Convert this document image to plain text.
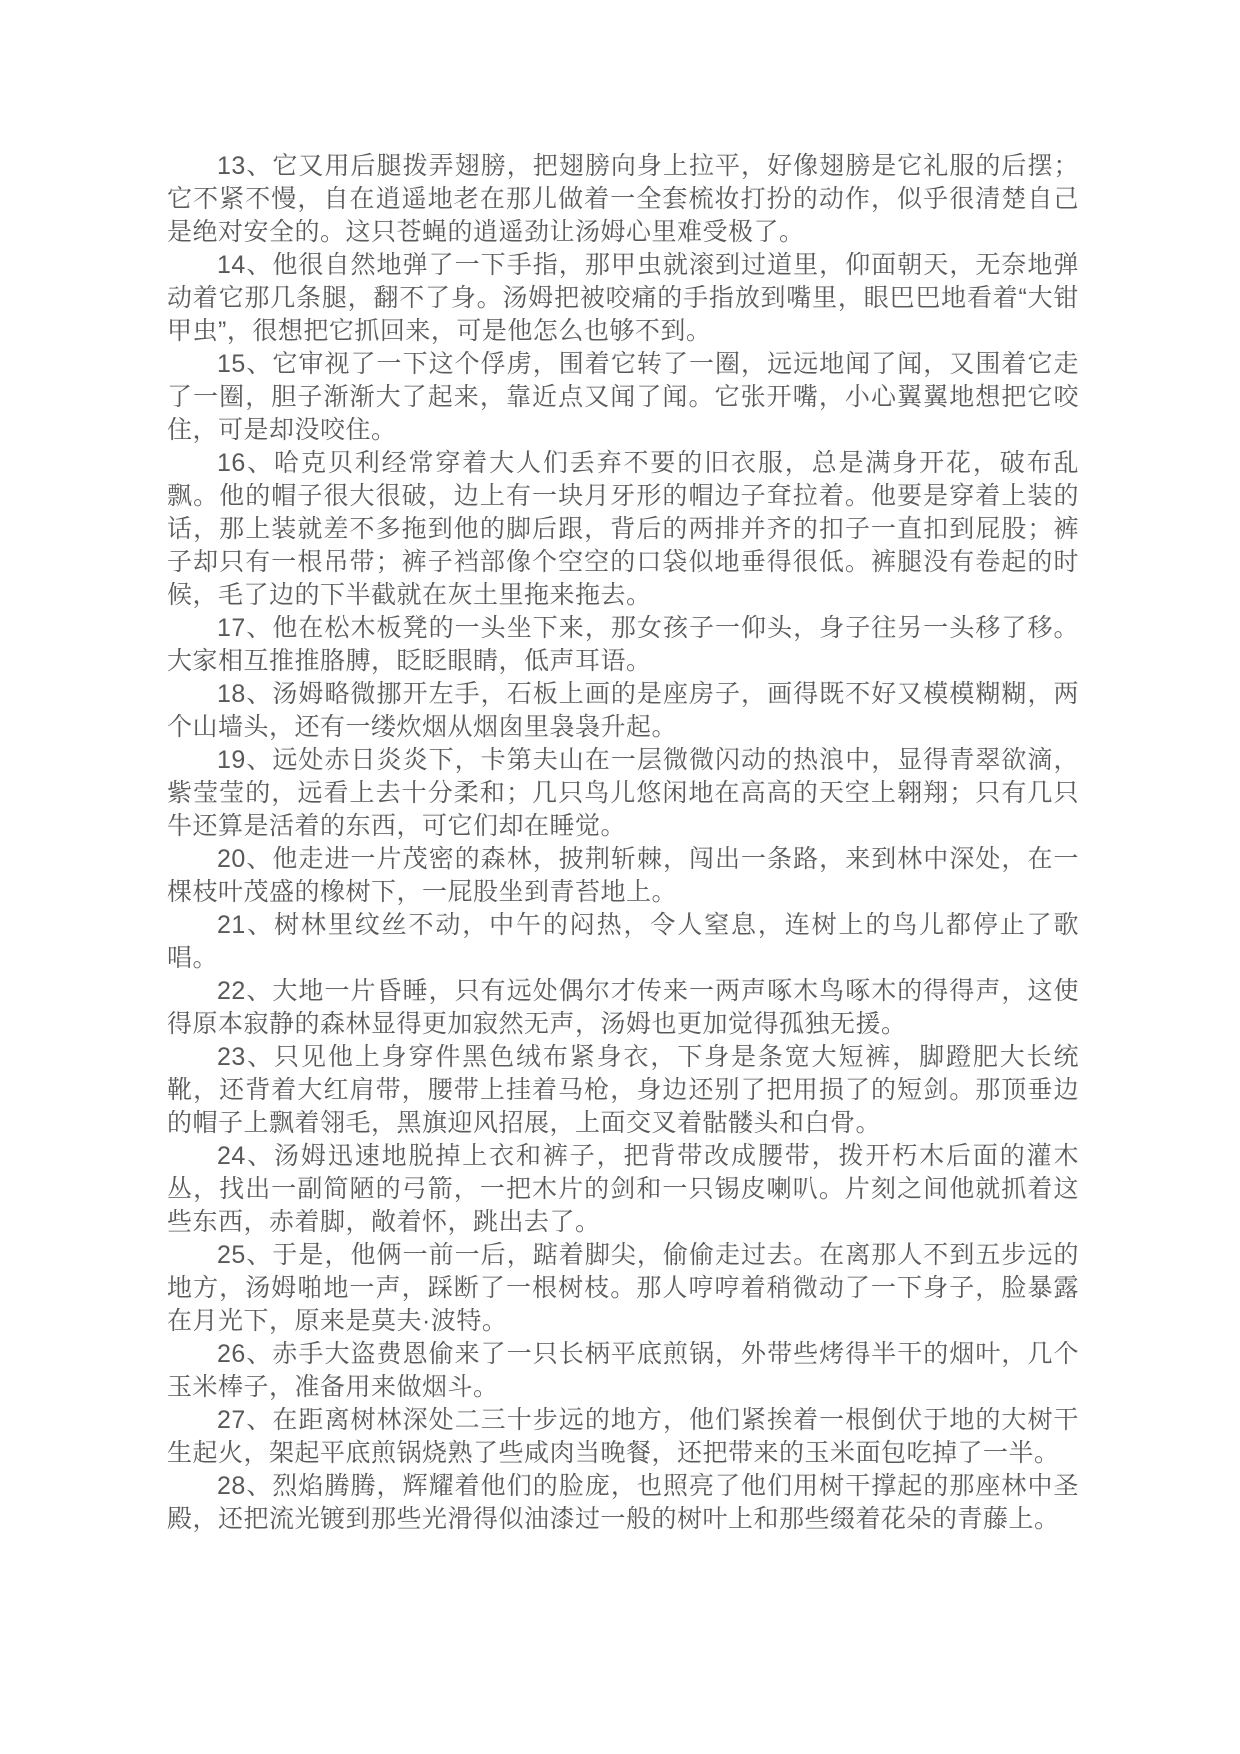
13、它又用后腿拨弄翅膀，把翅膀向身上拉平，好像翅膀是它礼服的后摆；它不紧不慢，自在逍遥地老在那儿做着一全套梳妆打扮的动作，似乎很清楚自己是绝对安全的。这只苍蝇的逍遥劲让汤姆心里难受极了。

14、他很自然地弹了一下手指，那甲虫就滚到过道里，仰面朝天，无奈地弹动着它那几条腿，翻不了身。汤姆把被咬痛的手指放到嘴里，眼巴巴地看着“大钳甲虫”，很想把它抓回来，可是他怎么也够不到。

15、它审视了一下这个俘虏，围着它转了一圈，远远地闻了闻，又围着它走了一圈，胆子渐渐大了起来，靠近点又闻了闻。它张开嘴，小心翼翼地想把它咬住，可是却没咬住。

16、哈克贝利经常穿着大人们丢弃不要的旧衣服，总是满身开花，破布乱飘。他的帽子很大很破，边上有一块月牙形的帽边子耷拉着。他要是穿着上装的话，那上装就差不多拖到他的脚后跟，背后的两排并齐的扣子一直扣到屁股；裤子却只有一根吊带；裤子裆部像个空空的口袋似地垂得很低。裤腿没有卷起的时候，毛了边的下半截就在灰土里拖来拖去。

17、他在松木板凳的一头坐下来，那女孩子一仰头，身子往另一头移了移。大家相互推推胳膊，眨眨眼睛，低声耳语。

18、汤姆略微挪开左手，石板上画的是座房子，画得既不好又模模糊糊，两个山墙头，还有一缕炊烟从烟囱里袅袅升起。

19、远处赤日炎炎下，卡第夫山在一层微微闪动的热浪中，显得青翠欲滴，紫莹莹的，远看上去十分柔和；几只鸟儿悠闲地在高高的天空上翱翔；只有几只牛还算是活着的东西，可它们却在睡觉。

20、他走进一片茂密的森林，披荆斩棘，闯出一条路，来到林中深处，在一棵枝叶茂盛的橡树下，一屁股坐到青苔地上。

21、树林里纹丝不动，中午的闷热，令人窒息，连树上的鸟儿都停止了歌唱。

22、大地一片昏睡，只有远处偶尔才传来一两声啄木鸟啄木的得得声，这使得原本寂静的森林显得更加寂然无声，汤姆也更加觉得孤独无援。

23、只见他上身穿件黑色绒布紧身衣，下身是条宽大短裤，脚蹬肥大长统靴，还背着大红肩带，腰带上挂着马枪，身边还别了把用损了的短剑。那顶垂边的帽子上飘着翎毛，黑旗迎风招展，上面交叉着骷髅头和白骨。

24、汤姆迅速地脱掉上衣和裤子，把背带改成腰带，拨开朽木后面的灌木丛，找出一副简陋的弓箭，一把木片的剑和一只锡皮喇叭。片刻之间他就抓着这些东西，赤着脚，敞着怀，跳出去了。

25、于是，他俩一前一后，踮着脚尖，偷偷走过去。在离那人不到五步远的地方，汤姆啪地一声，踩断了一根树枝。那人哼哼着稍微动了一下身子，脸暴露在月光下，原来是莫夫·波特。

26、赤手大盗费恩偷来了一只长柄平底煎锅，外带些烤得半干的烟叶，几个玉米棒子，准备用来做烟斗。

27、在距离树林深处二三十步远的地方，他们紧挨着一根倒伏于地的大树干生起火，架起平底煎锅烧熟了些咸肉当晚餐，还把带来的玉米面包吃掉了一半。

28、烈焰腾腾，辉耀着他们的脸庞，也照亮了他们用树干撑起的那座林中圣殿，还把流光镀到那些光滑得似油漆过一般的树叶上和那些缀着花朵的青藤上。
